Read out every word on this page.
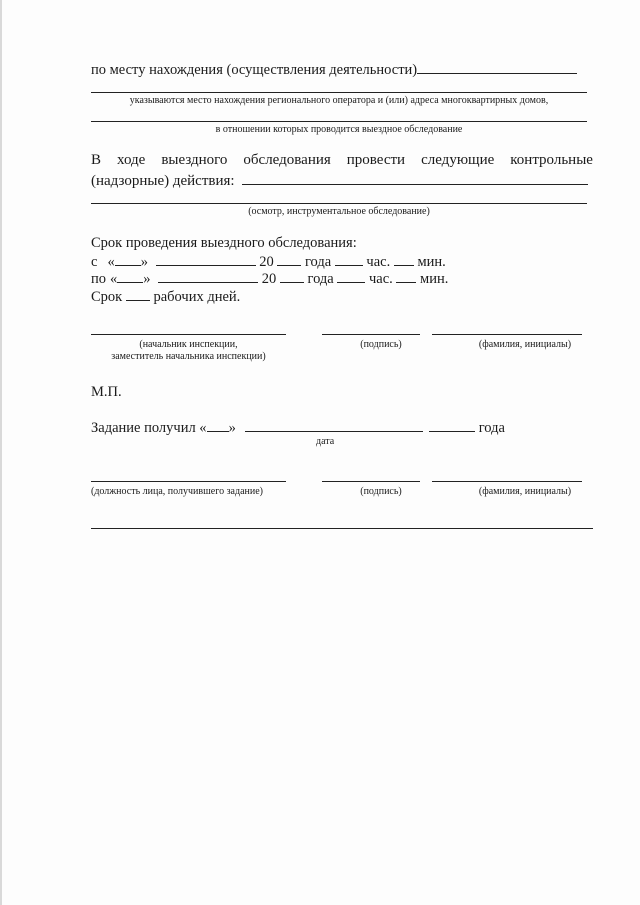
по месту нахождения (осуществления деятельности)
указываются место нахождения регионального оператора и (или) адреса многоквартирных домов,
в отношении которых проводится выездное обследование
В ходе выездного обследования провести следующие контрольные
(надзорные) действия:
(осмотр, инструментальное обследование)
Срок проведения выездного обследования:
с « »	20 года час. мин.
по « »	20 года час. мин.
Срок рабочих дней.
(начальник инспекции,
заместитель начальника инспекции)
(подпись)	(фамилия, инициалы)
М.П.
Задание получил « »	года
дата
(должность лица, получившего задание)	(подпись)	(фамилия, инициалы)
